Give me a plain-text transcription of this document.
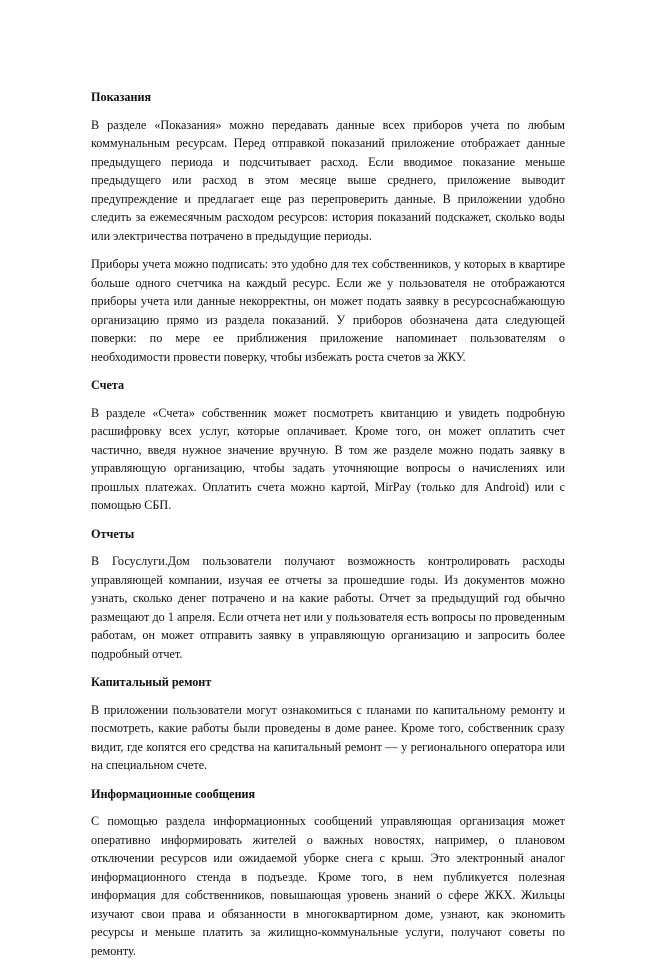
Показания

В разделе «Показания» можно передавать данные всех приборов учета по любым коммунальным ресурсам. Перед отправкой показаний приложение отображает данные предыдущего периода и подсчитывает расход. Если вводимое показание меньше предыдущего или расход в этом месяце выше среднего, приложение выводит предупреждение и предлагает еще раз перепроверить данные. В приложении удобно следить за ежемесячным расходом ресурсов: история показаний подскажет, сколько воды или электричества потрачено в предыдущие периоды.

Приборы учета можно подписать: это удобно для тех собственников, у которых в квартире больше одного счетчика на каждый ресурс. Если же у пользователя не отображаются приборы учета или данные некорректны, он может подать заявку в ресурсоснабжающую организацию прямо из раздела показаний. У приборов обозначена дата следующей поверки: по мере ее приближения приложение напоминает пользователям о необходимости провести поверку, чтобы избежать роста счетов за ЖКУ.

Счета

В разделе «Счета» собственник может посмотреть квитанцию и увидеть подробную расшифровку всех услуг, которые оплачивает. Кроме того, он может оплатить счет частично, введя нужное значение вручную. В том же разделе можно подать заявку в управляющую организацию, чтобы задать уточняющие вопросы о начислениях или прошлых платежах. Оплатить счета можно картой, MirPay (только для Android) или с помощью СБП.

Отчеты

В Госуслуги.Дом пользователи получают возможность контролировать расходы управляющей компании, изучая ее отчеты за прошедшие годы. Из документов можно узнать, сколько денег потрачено и на какие работы. Отчет за предыдущий год обычно размещают до 1 апреля. Если отчета нет или у пользователя есть вопросы по проведенным работам, он может отправить заявку в управляющую организацию и запросить более подробный отчет.

Капитальный ремонт

В приложении пользователи могут ознакомиться с планами по капитальному ремонту и посмотреть, какие работы были проведены в доме ранее. Кроме того, собственник сразу видит, где копятся его средства на капитальный ремонт — у регионального оператора или на специальном счете.

Информационные сообщения

С помощью раздела информационных сообщений управляющая организация может оперативно информировать жителей о важных новостях, например, о плановом отключении ресурсов или ожидаемой уборке снега с крыш. Это электронный аналог информационного стенда в подъезде. Кроме того, в нем публикуется полезная информация для собственников, повышающая уровень знаний о сфере ЖКХ. Жильцы изучают свои права и обязанности в многоквартирном доме, узнают, как экономить ресурсы и меньше платить за жилищно-коммунальные услуги, получают советы по ремонту.
